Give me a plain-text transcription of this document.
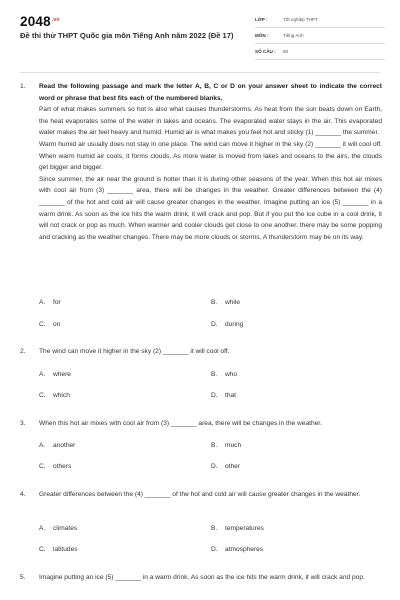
$2048^{.vn}$
Đề thi thử THPT Quốc gia môn Tiếng Anh năm 2022 (Đề 17)
LỚP :	Tốt nghiệp THPT
MÔN :	Tiếng Anh
SỐ CÂU : 50
1. Read the following passage and mark the letter A, B, C or D on your answer sheet to indicate the correct word or phrase that best fits each of the numbered blanks.

Part of what makes summers so hot is also what causes thunderstorms. As heat from the sun beats down on Earth, the heat evaporates some of the water in lakes and oceans. The evaporated water stays in the air. This evaporated water makes the air feel heavy and humid. Humid air is what makes you feel hot and sticky (1) _______ the summer.

Warm humid air usually does not stay in one place. The wind can move it higher in the sky (2) _______ it will cool off. When warm humid air cools, it forms clouds. As more water is moved from lakes and oceans to the airs, the clouds get bigger and bigger.

Since summer, the air near the ground is hotter than it is during other seasons of the year. When this hot air mixes with cool air from (3) _______ area, there will be changes in the weather. Greater differences between the (4) _______ of the hot and cold air will cause greater changes in the weather. Imagine putting an ice (5) _______ in a warm drink. As soon as the ice hits the warm drink, it will crack and pop. But if you put the ice cube in a cool drink, it will not crack or pop as much. When warmer and cooler clouds get close to one another, there may be some popping and cracking as the weather changes. There may be more clouds or storms. A thunderstorm may be on its way.

A. for	B. while
C. on	D. during
2. The wind can move it higher in the sky (2) _______ it will cool off.
A. where	B. who
C. which	D. that
3. When this hot air mixes with cool air from (3) _______ area, there will be changes in the weather.
A. another	B. much
C. others	D. other
4. Greater differences between the (4) _______ of the hot and cold air will cause greater changes in the weather.
A. climates	B. temperatures
C. latitudes	D. atmospheres
5. Imagine putting an ice (5) _______ in a warm drink. As soon as the ice hits the warm drink, it will crack and pop.
